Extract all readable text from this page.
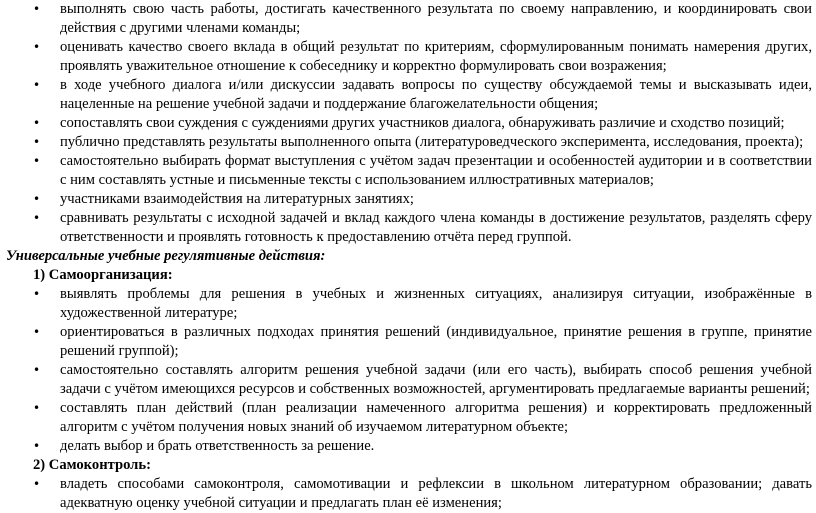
• выполнять свою часть работы, достигать качественного результата по своему направлению, и координировать свои действия с другими членами команды;
• оценивать качество своего вклада в общий результат по критериям, сформулированным понимать намерения других, проявлять уважительное отношение к собеседнику и корректно формулировать свои возражения;
• в ходе учебного диалога и/или дискуссии задавать вопросы по существу обсуждаемой темы и высказывать идеи, нацеленные на решение учебной задачи и поддержание благожелательности общения;
• сопоставлять свои суждения с суждениями других участников диалога, обнаруживать различие и сходство позиций;
• публично представлять результаты выполненного опыта (литературоведческого эксперимента, исследования, проекта);
• самостоятельно выбирать формат выступления с учётом задач презентации и особенностей аудитории и в соответствии с ним составлять устные и письменные тексты с использованием иллюстративных материалов;
• участниками взаимодействия на литературных занятиях;
• сравнивать результаты с исходной задачей и вклад каждого члена команды в достижение результатов, разделять сферу ответственности и проявлять готовность к предоставлению отчёта перед группой.

Универсальные учебные регулятивные действия:

1) Самоорганизация:

• выявлять проблемы для решения в учебных и жизненных ситуациях, анализируя ситуации, изображённые в художественной литературе;
• ориентироваться в различных подходах принятия решений (индивидуальное, принятие решения в группе, принятие решений группой);
• самостоятельно составлять алгоритм решения учебной задачи (или его часть), выбирать способ решения учебной задачи с учётом имеющихся ресурсов и собственных возможностей, аргументировать предлагаемые варианты решений;
• составлять план действий (план реализации намеченного алгоритма решения) и корректировать предложенный алгоритм с учётом получения новых знаний об изучаемом литературном объекте;
• делать выбор и брать ответственность за решение.

2) Самоконтроль:

• владеть способами самоконтроля, самомотивации и рефлексии в школьном литературном образовании; давать адекватную оценку учебной ситуации и предлагать план её изменения;
